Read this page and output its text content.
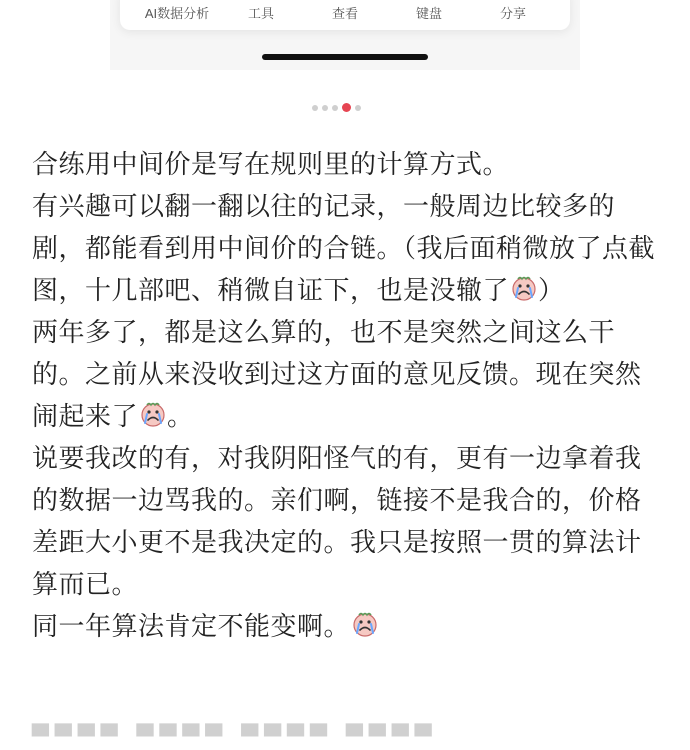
AI数据分析	工具	查看	键盘	分享

合练用中间价是写在规则里的计算方式。

有兴趣可以翻一翻以往的记录，一般周边比较多的剧，都能看到用中间价的合链。（我后面稍微放了点截图，十几部吧、稍微自证下，也是没辙了 ）

两年多了，都是这么算的，也不是突然之间这么干的。之前从来没收到过这方面的意见反馈。现在突然闹起来了 。

说要我改的有，对我阴阳怪气的有，更有一边拿着我的数据一边骂我的。亲们啊，链接不是我合的，价格差距大小更不是我决定的。我只是按照一贯的算法计算而已。

同一年算法肯定不能变啊。

▀▀▀▀ ▀▀▀▀ ▀▀▀▀ ▀▀▀▀
